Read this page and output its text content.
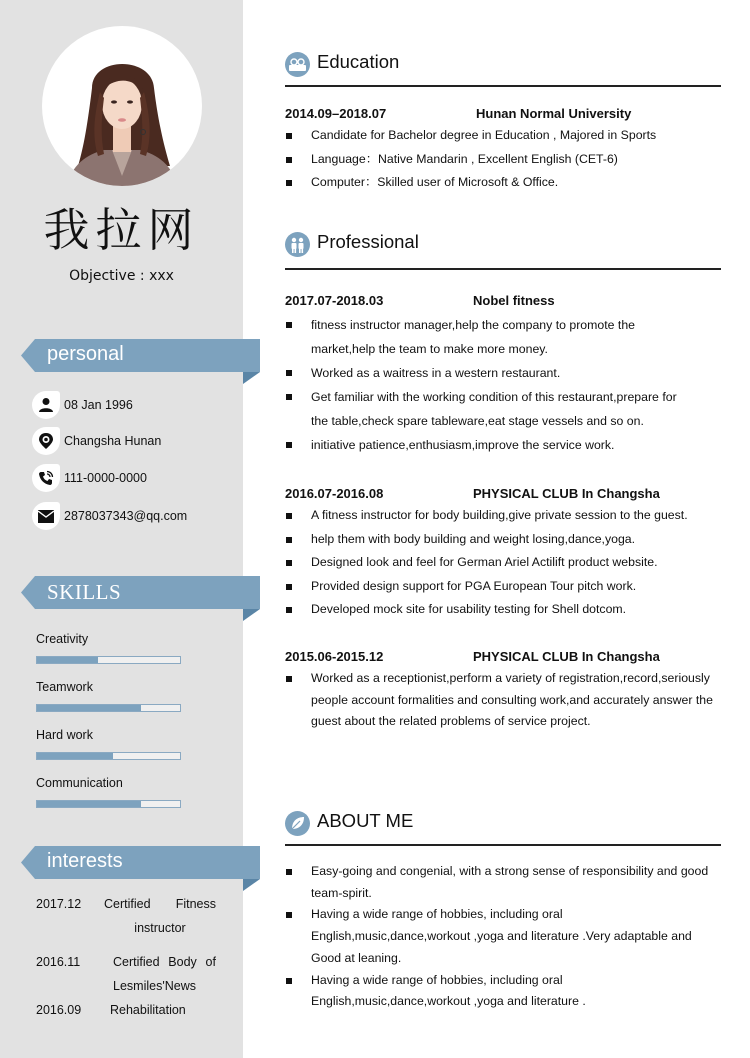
我拉网
Objective : xxx
personal
08 Jan 1996
Changsha Hunan
111-0000-0000
2878037343@qq.com
SKILLS
Creativity
Teamwork
Hard work
Communication
interests
2017.12	Certified Fitness
instructor
2016.11	Certified Body of
Lesmiles'News
2016.09	Rehabilitation
Education
2014.09–2018.07	Hunan Normal University
Candidate for Bachelor degree in Education , Majored in Sports
Language：Native Mandarin , Excellent English (CET-6)
Computer：Skilled user of Microsoft & Office.
Professional
2017.07-2018.03	Nobel fitness
fitness instructor manager,help the company to promote the market,help the team to make more money.
Worked as a waitress in a western restaurant.
Get familiar with the working condition of this restaurant,prepare for the table,check spare tableware,eat stage vessels and so on.
initiative patience,enthusiasm,improve the service work.
2016.07-2016.08	PHYSICAL CLUB In Changsha
A fitness instructor for body building,give private session to the guest.
help them with body building and weight losing,dance,yoga.
Designed look and feel for German Ariel Actilift product website.
Provided design support for PGA European Tour pitch work.
Developed mock site for usability testing for Shell dotcom.
2015.06-2015.12	PHYSICAL CLUB In Changsha
Worked as a receptionist,perform a variety of registration,record,seriously people account formalities and consulting work,and accurately answer the guest about the related problems of service project.
ABOUT ME
Easy-going and congenial, with a strong sense of responsibility and good team-spirit.
Having a wide range of hobbies, including oral English,music,dance,workout ,yoga and literature .Very adaptable and Good at leaning.
Having a wide range of hobbies, including oral English,music,dance,workout ,yoga and literature .
